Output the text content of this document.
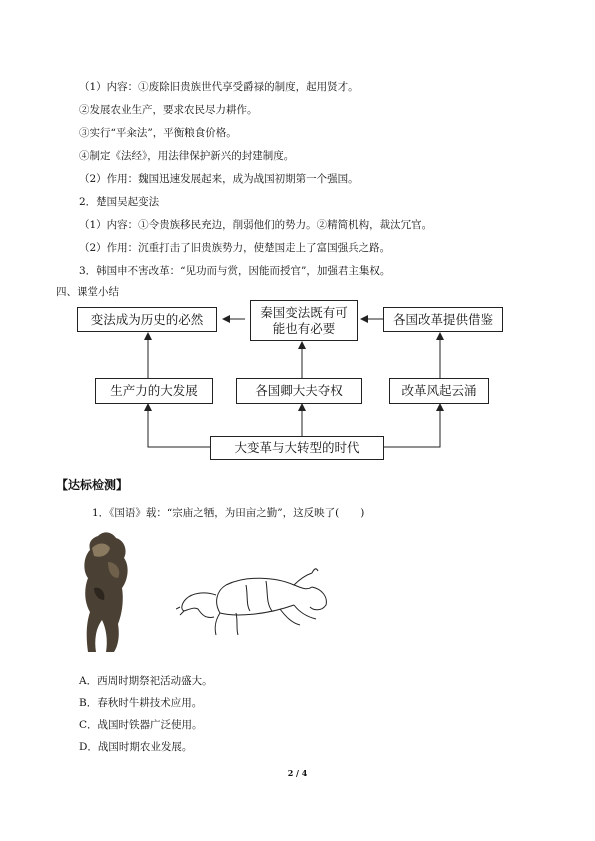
（1）内容：①废除旧贵族世代享受爵禄的制度，起用贤才。
②发展农业生产，要求农民尽力耕作。
③实行“平籴法”，平衡粮食价格。
④制定《法经》，用法律保护新兴的封建制度。
（2）作用：魏国迅速发展起来，成为战国初期第一个强国。
2．楚国吴起变法
（1）内容：①令贵族移民充边，削弱他们的势力。②精简机构，裁汰冗官。
（2）作用：沉重打击了旧贵族势力，使楚国走上了富国强兵之路。
3．韩国申不害改革：“见功而与赏，因能而授官”，加强君主集权。
四、课堂小结
变法成为历史的必然	秦国变法既有可能也有必要
各国改革提供借鉴
生产力的大发展	各国卿大夫夺权	改革风起云涌
大变革与大转型的时代
【达标检测】
1．《国语》载：“宗庙之牺，为田亩之勤”，这反映了(　　)
A．西周时期祭祀活动盛大。
B．春秋时牛耕技术应用。
C．战国时铁器广泛使用。
D．战国时期农业发展。
2 / 4
